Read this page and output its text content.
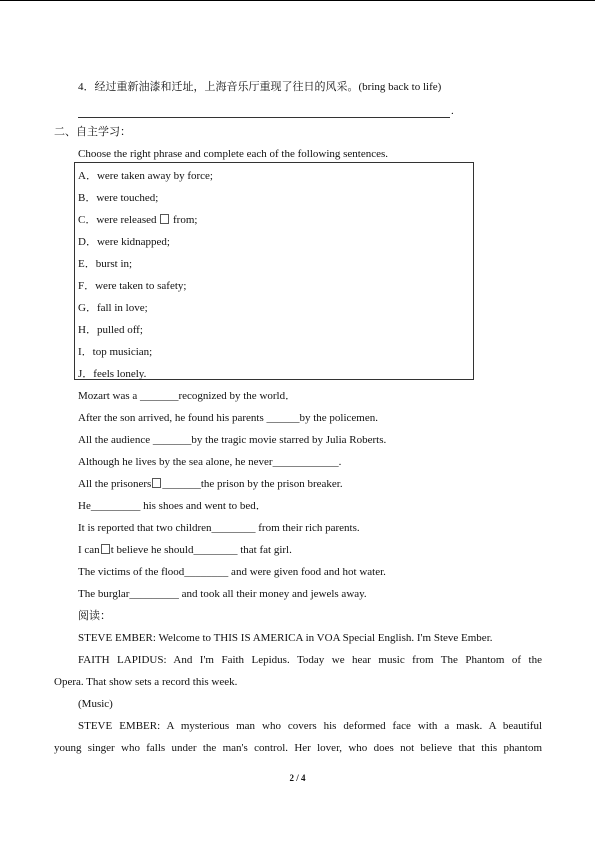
4．经过重新油漆和迁址，上海音乐厅重现了往日的风采。(bring back to life)
.
二、自主学习：
Choose the right phrase and complete each of the following sentences.
A．were taken away by force;
B．were touched;
C．were released from;
D．were kidnapped;
E．burst in;
F．were taken to safety;
G．fall in love;
H．pulled off;
I．top musician;
J．feels lonely.
Mozart was a _______recognized by the world．
After the son arrived, he found his parents ______by the policemen.
All the audience _______by the tragic movie starred by Julia Roberts.
Although he lives by the sea alone, he never____________.
All the prisoners _______the prison by the prison breaker.
He_________ his shoes and went to bed．
It is reported that two children________ from their rich parents.
I can t believe he should________ that fat girl.
The victims of the flood________ and were given food and hot water.
The burglar_________ and took all their money and jewels away.
阅读：
STEVE EMBER: Welcome to THIS IS AMERICA in VOA Special English. I'm Steve Ember.
FAITH LAPIDUS: And I'm Faith Lepidus. Today we hear music from The Phantom of the
Opera. That show sets a record this week.
(Music)
STEVE EMBER: A mysterious man who covers his deformed face with a mask. A beautiful
young singer who falls under the man's control. Her lover, who does not believe that this phantom
2 / 4
